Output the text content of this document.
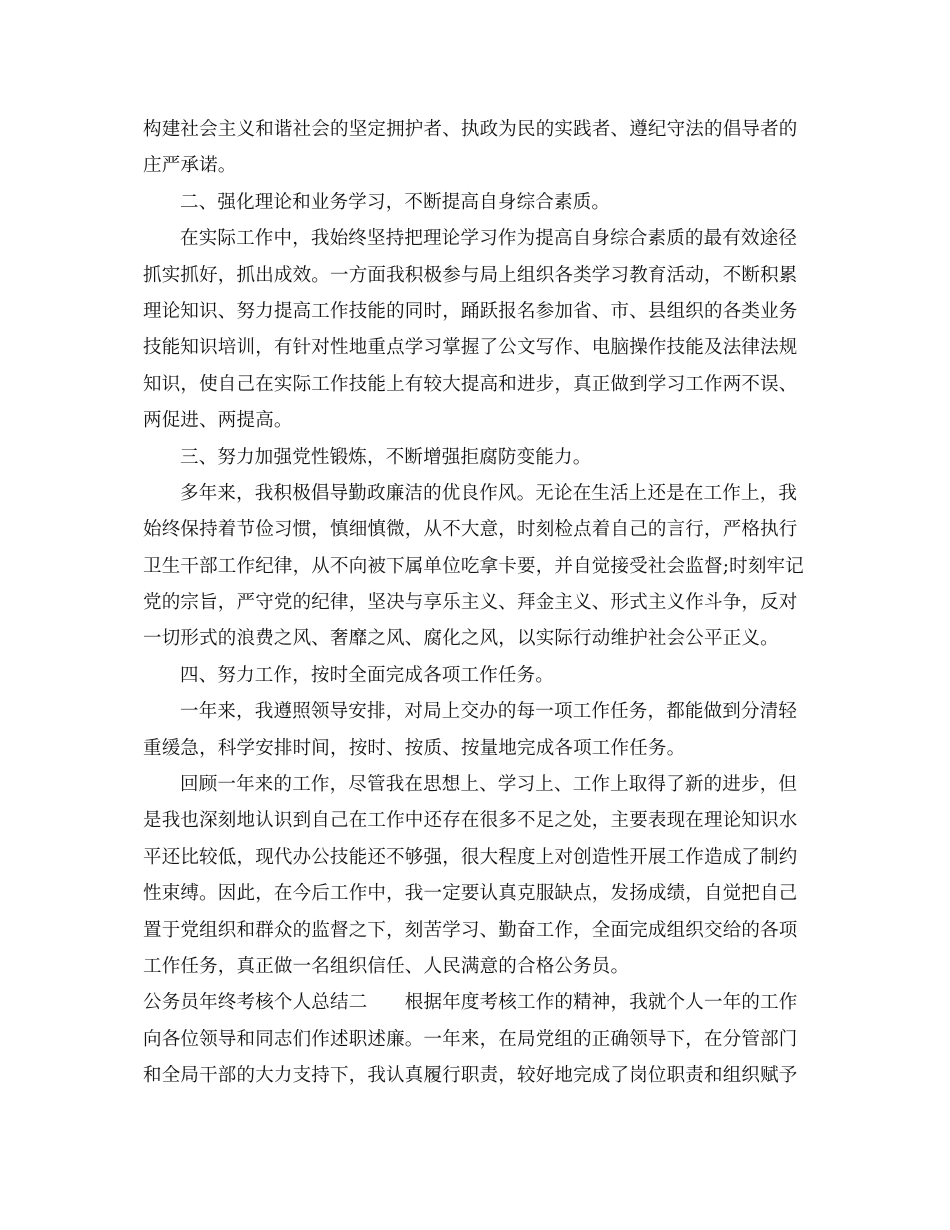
构建社会主义和谐社会的坚定拥护者、执政为民的实践者、遵纪守法的倡导者的
庄严承诺。
二、强化理论和业务学习，不断提高自身综合素质。
在实际工作中，我始终坚持把理论学习作为提高自身综合素质的最有效途径
抓实抓好，抓出成效。一方面我积极参与局上组织各类学习教育活动，不断积累
理论知识、努力提高工作技能的同时，踊跃报名参加省、市、县组织的各类业务
技能知识培训，有针对性地重点学习掌握了公文写作、电脑操作技能及法律法规
知识，使自己在实际工作技能上有较大提高和进步，真正做到学习工作两不误、
两促进、两提高。
三、努力加强党性锻炼，不断增强拒腐防变能力。
多年来，我积极倡导勤政廉洁的优良作风。无论在生活上还是在工作上，我
始终保持着节俭习惯，慎细慎微，从不大意，时刻检点着自己的言行，严格执行
卫生干部工作纪律，从不向被下属单位吃拿卡要，并自觉接受社会监督;时刻牢记
党的宗旨，严守党的纪律，坚决与享乐主义、拜金主义、形式主义作斗争，反对
一切形式的浪费之风、奢靡之风、腐化之风，以实际行动维护社会公平正义。
四、努力工作，按时全面完成各项工作任务。
一年来，我遵照领导安排，对局上交办的每一项工作任务，都能做到分清轻
重缓急，科学安排时间，按时、按质、按量地完成各项工作任务。
回顾一年来的工作，尽管我在思想上、学习上、工作上取得了新的进步，但
是我也深刻地认识到自己在工作中还存在很多不足之处，主要表现在理论知识水
平还比较低，现代办公技能还不够强，很大程度上对创造性开展工作造成了制约
性束缚。因此，在今后工作中，我一定要认真克服缺点，发扬成绩，自觉把自己
置于党组织和群众的监督之下，刻苦学习、勤奋工作，全面完成组织交给的各项
工作任务，真正做一名组织信任、人民满意的合格公务员。
公务员年终考核个人总结二　　根据年度考核工作的精神，我就个人一年的工作
向各位领导和同志们作述职述廉。一年来，在局党组的正确领导下，在分管部门
和全局干部的大力支持下，我认真履行职责，较好地完成了岗位职责和组织赋予
